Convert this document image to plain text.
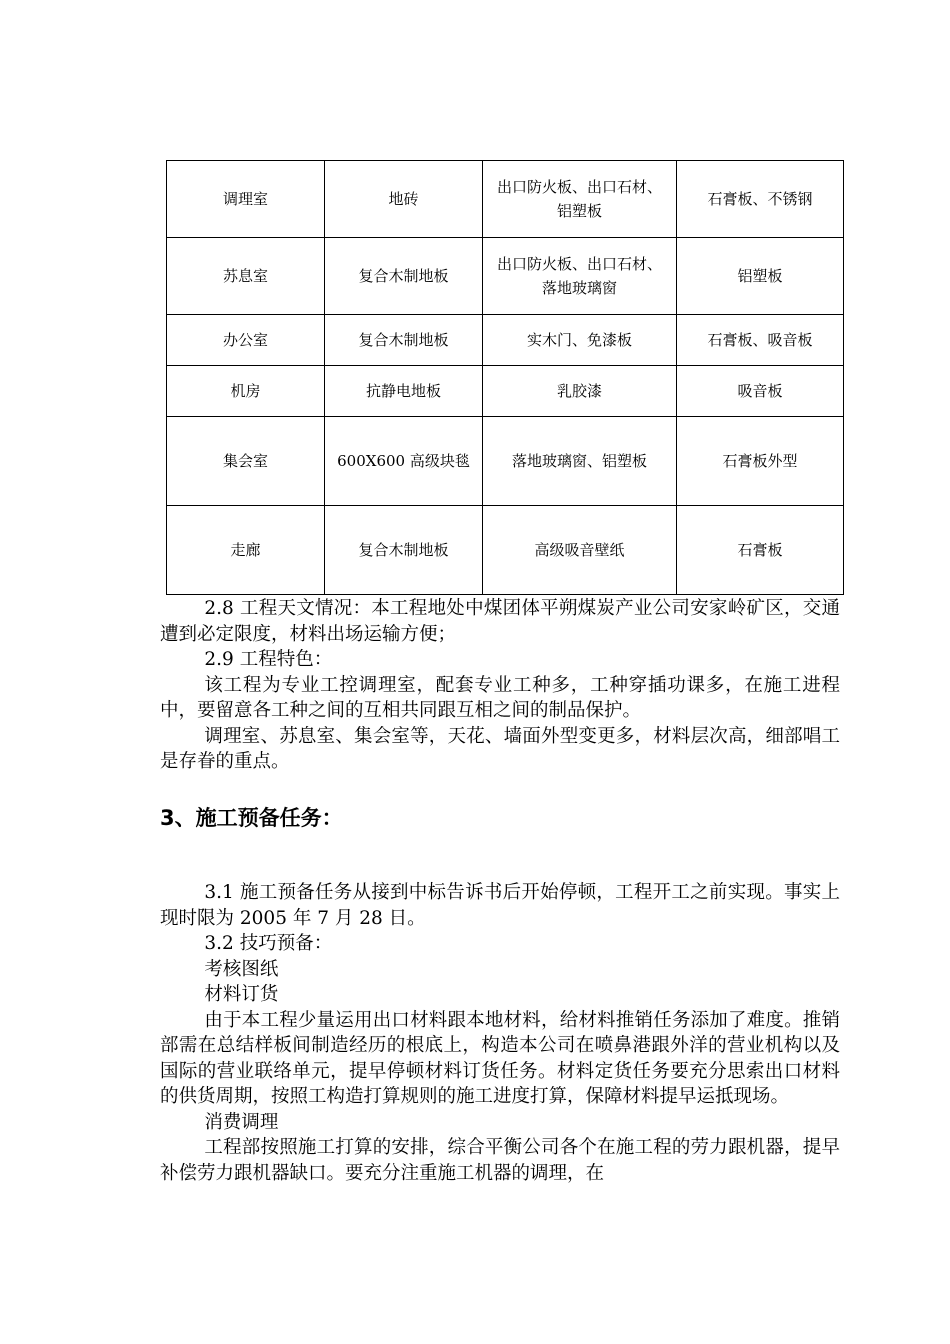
调理室	地砖	出口防火板、出口石材、铝塑板	石膏板、不锈钢
苏息室	复合木制地板	出口防火板、出口石材、落地玻璃窗	铝塑板
办公室	复合木制地板	实木门、免漆板	石膏板、吸音板
机房	抗静电地板	乳胶漆	吸音板
集会室	600X600 高级块毯	落地玻璃窗、铝塑板	石膏板外型
走廊	复合木制地板	高级吸音壁纸	石膏板

2.8 工程天文情况：本工程地处中煤团体平朔煤炭产业公司安家岭矿区，交通遭到必定限度，材料出场运输方便；

2.9 工程特色：

该工程为专业工控调理室，配套专业工种多，工种穿插功课多，在施工进程中，要留意各工种之间的互相共同跟互相之间的制品保护。

调理室、苏息室、集会室等，天花、墙面外型变更多，材料层次高，细部唱工是存眷的重点。

3、施工预备任务：

3.1 施工预备任务从接到中标告诉书后开始停顿，工程开工之前实现。事实上现时限为 2005 年 7 月 28 日。

3.2 技巧预备：

考核图纸

材料订货

由于本工程少量运用出口材料跟本地材料，给材料推销任务添加了难度。推销部需在总结样板间制造经历的根底上，构造本公司在喷鼻港跟外洋的营业机构以及国际的营业联络单元，提早停顿材料订货任务。材料定货任务要充分思索出口材料的供货周期，按照工构造打算规则的施工进度打算，保障材料提早运抵现场。

消费调理

工程部按照施工打算的安排，综合平衡公司各个在施工程的劳力跟机器，提早补偿劳力跟机器缺口。要充分注重施工机器的调理，在
